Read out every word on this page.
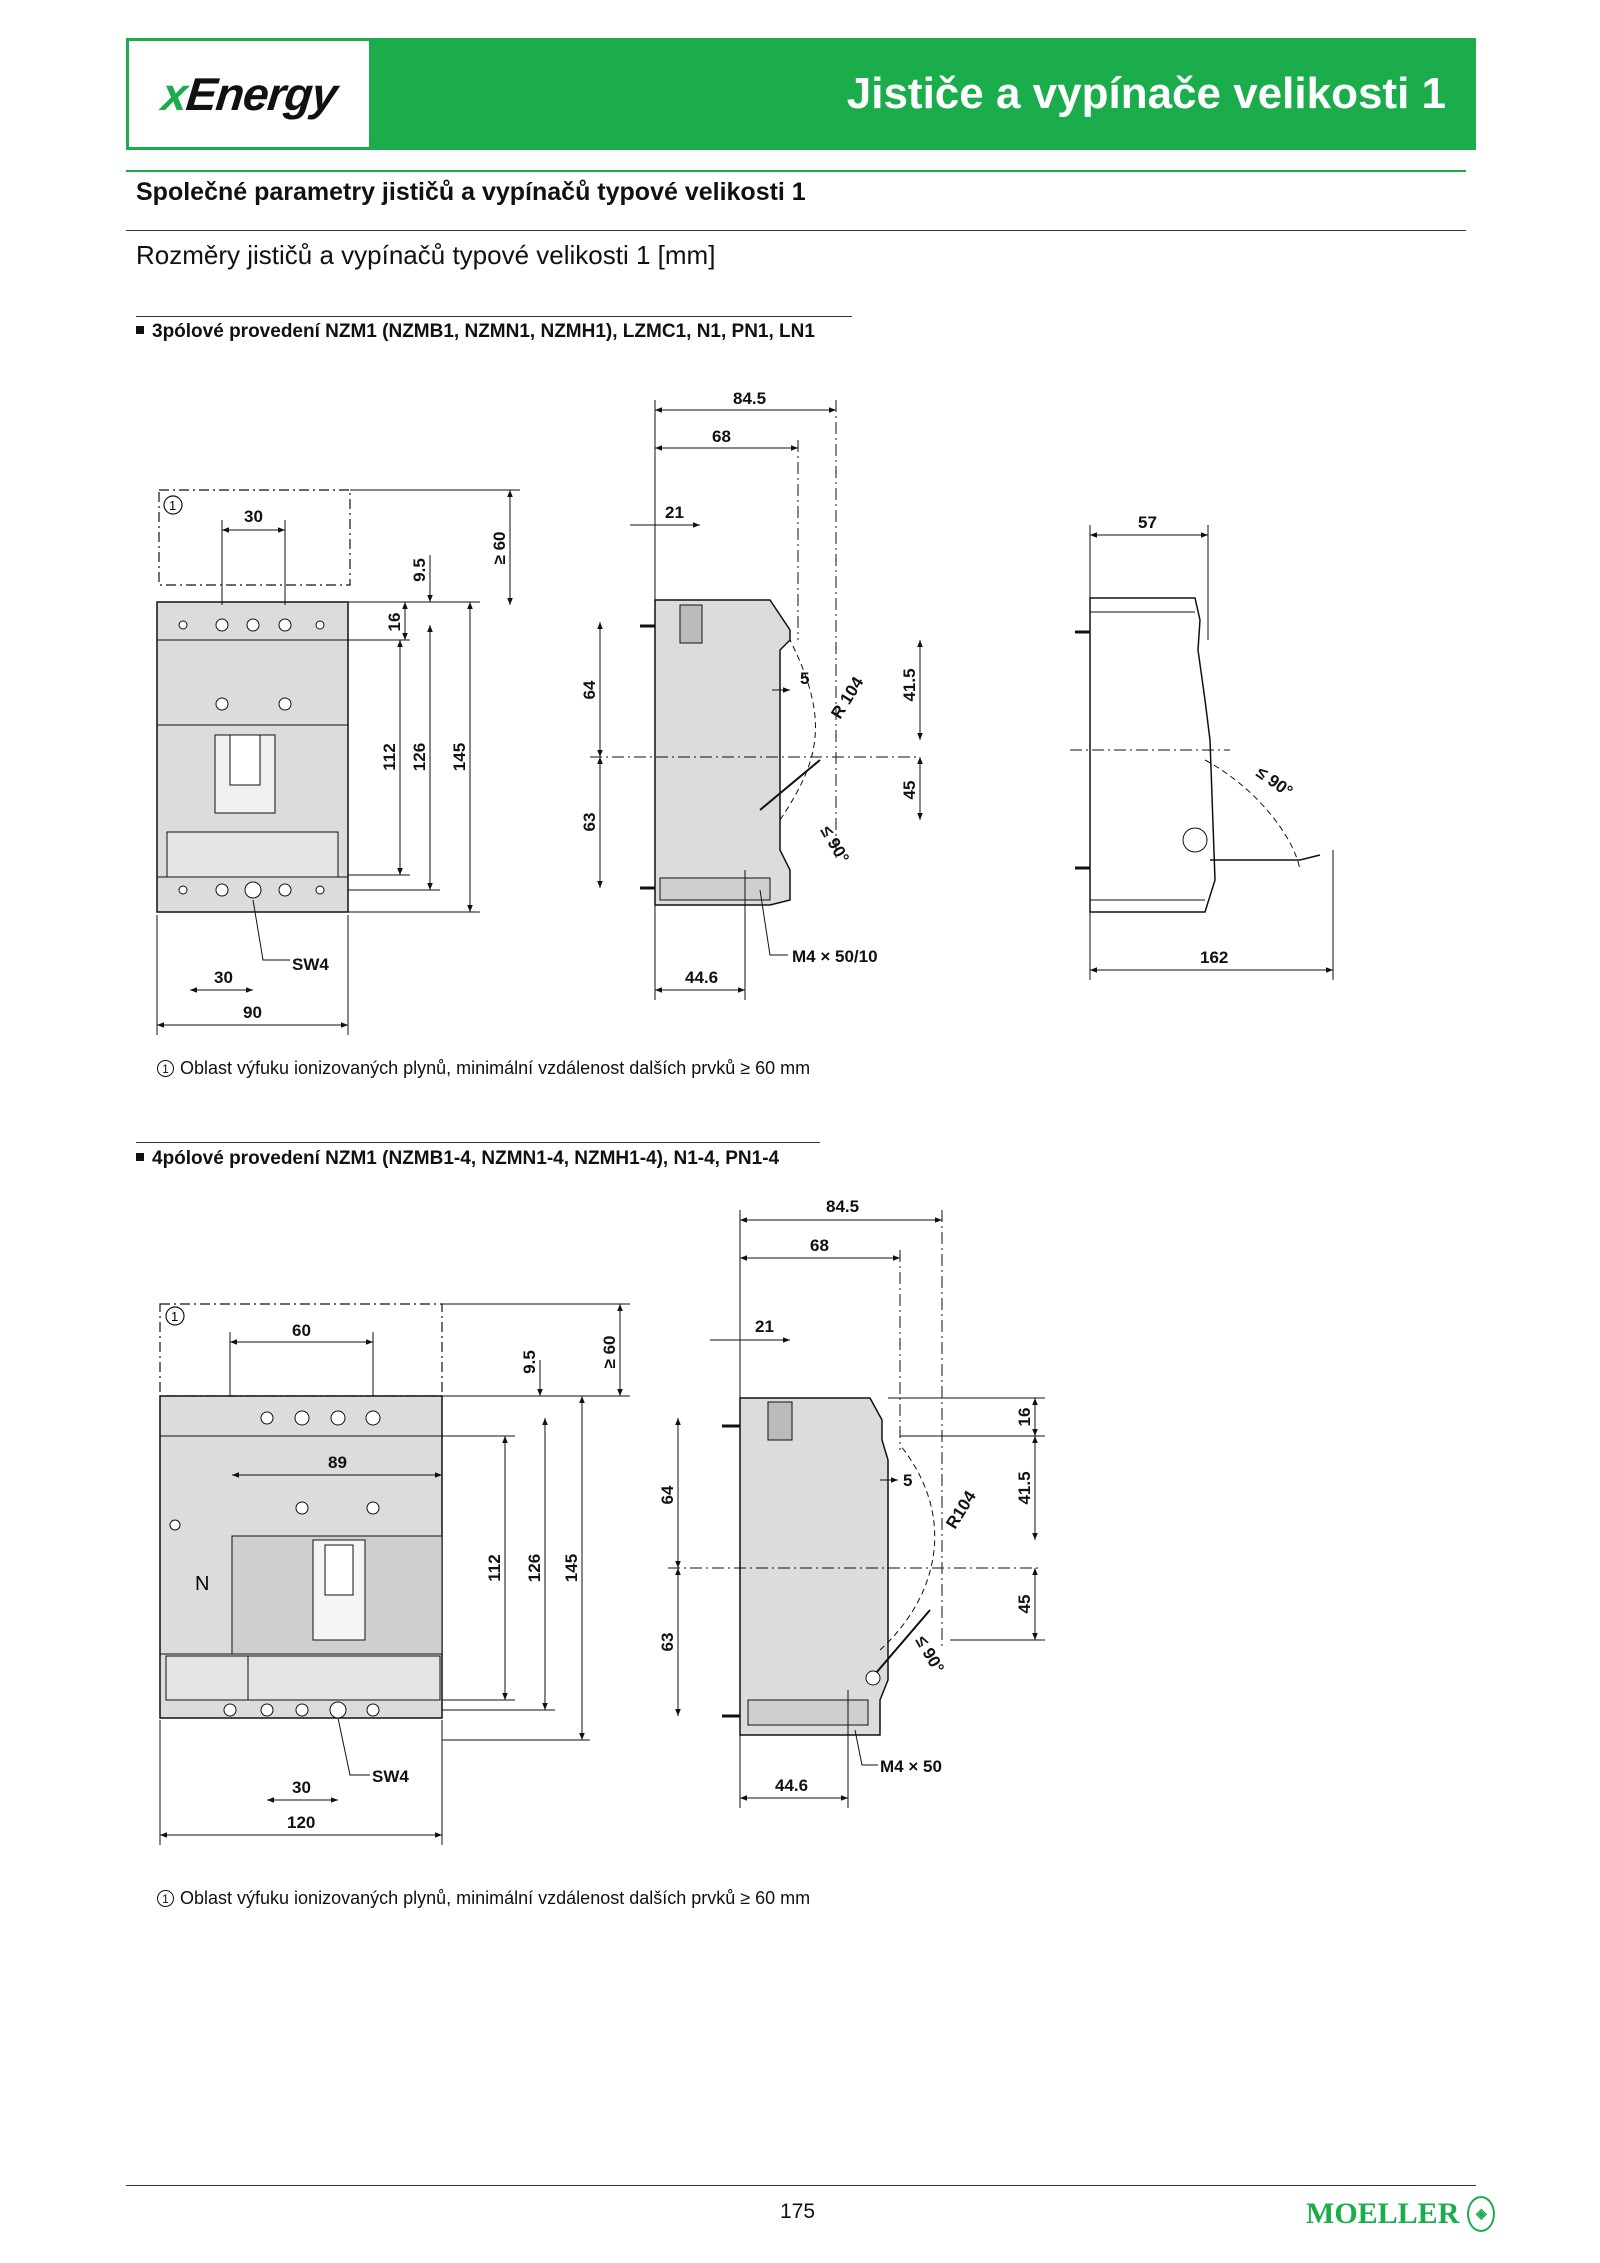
xEnergy	Jističe a vypínače velikosti 1
Společné parametry jističů a vypínačů typové velikosti 1
Rozměry jističů a vypínačů typové velikosti 1 [mm]
3pólové provedení NZM1 (NZMB1, NZMN1, NZMH1), LZMC1, N1, PN1, LN1
1
30
30
90
SW4
≥ 60
9.5
16
112 126 145
84.5
68
21
64
63
5 R 104 41.5
45
≤ 90°
M4 × 50/10
44.6
57
162
≤ 90°
1 Oblast výfuku ionizovaných plynů, minimální vzdálenost dalších prvků ≥ 60 mm
4pólové provedení NZM1 (NZMB1-4, NZMN1-4, NZMH1-4), N1-4, PN1-4
1
N
60
89
30
120
SW4
≥ 60
9.5
112 126 145
84.5
68
21
64
63
5
R104
16
41.5
45
≤ 90°
M4 × 50
44.6
1 Oblast výfuku ionizovaných plynů, minimální vzdálenost dalších prvků ≥ 60 mm
175	MOELLER	◈
